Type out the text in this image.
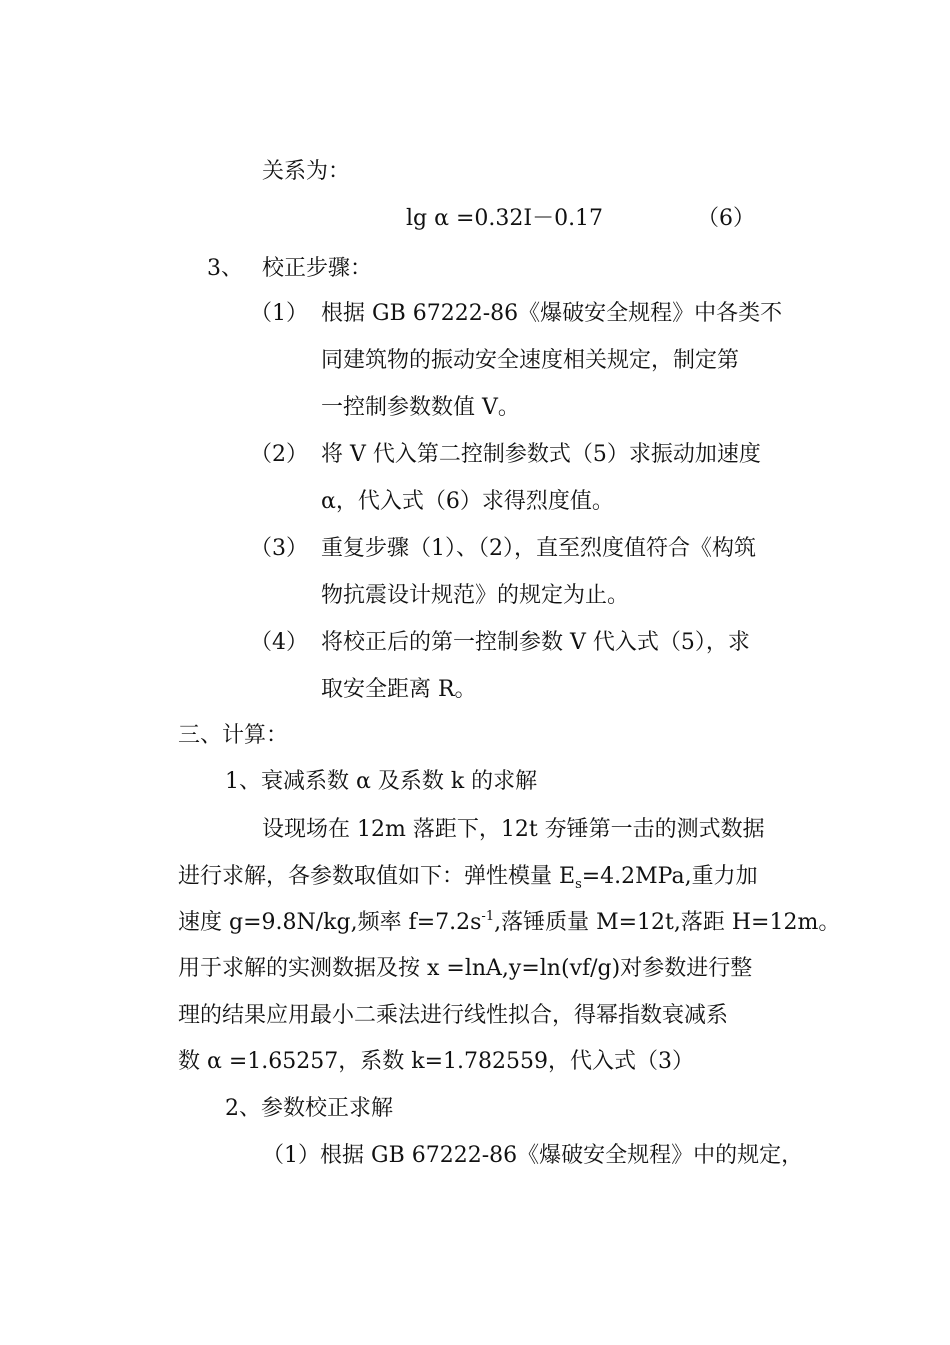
关系为：
lg α =0.32I－0.17	（6）
3、 校正步骤：
（1） 根据 GB 67222-86《爆破安全规程》中各类不
同建筑物的振动安全速度相关规定，制定第
一控制参数数值 V。
（2） 将 V 代入第二控制参数式（5）求振动加速度
α，代入式（6）求得烈度值。
（3） 重复步骤（1）、（2），直至烈度值符合《构筑
物抗震设计规范》的规定为止。
（4） 将校正后的第一控制参数 V 代入式（5），求
取安全距离 R。
三、计算：
1、衰减系数 α 及系数 k 的求解
设现场在 12m 落距下，12t 夯锤第一击的测式数据
进行求解，各参数取值如下：弹性模量 $E_s=4.2MPa$,重力加
速度 g=9.8N/kg,频率 $f=7.2s^{-1}$,落锤质量 M=12t,落距 H=12m。
用于求解的实测数据及按 x =lnA,y=ln(vf/g)对参数进行整
理的结果应用最小二乘法进行线性拟合，得幂指数衰减系
数 α =1.65257，系数 k=1.782559，代入式（3）
2、参数校正求解
（1）根据 GB 67222-86《爆破安全规程》中的规定，
